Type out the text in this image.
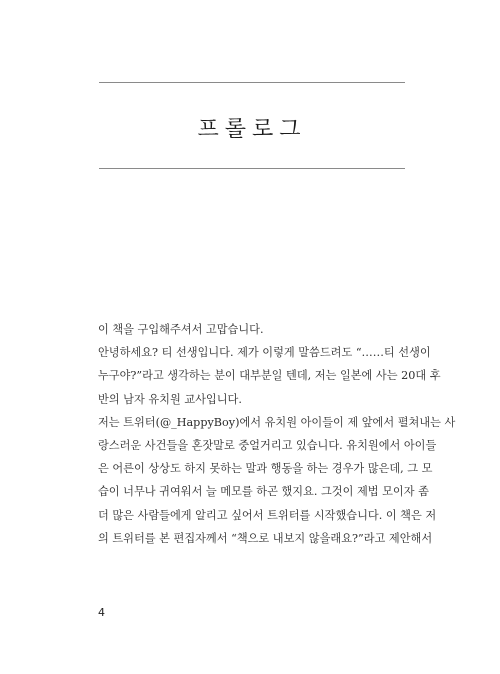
프롤로그
이 책을 구입해주셔서 고맙습니다.
안녕하세요? 티 선생입니다. 제가 이렇게 말씀드려도 “……티 선생이
누구야?”라고 생각하는 분이 대부분일 텐데, 저는 일본에 사는 20대 후
반의 남자 유치원 교사입니다.
저는 트위터(@_HappyBoy)에서 유치원 아이들이 제 앞에서 펼쳐내는 사
랑스러운 사건들을 혼잣말로 중얼거리고 있습니다. 유치원에서 아이들
은 어른이 상상도 하지 못하는 말과 행동을 하는 경우가 많은데, 그 모
습이 너무나 귀여워서 늘 메모를 하곤 했지요. 그것이 제법 모이자 좀
더 많은 사람들에게 알리고 싶어서 트위터를 시작했습니다. 이 책은 저
의 트위터를 본 편집자께서 “책으로 내보지 않을래요?”라고 제안해서
4
